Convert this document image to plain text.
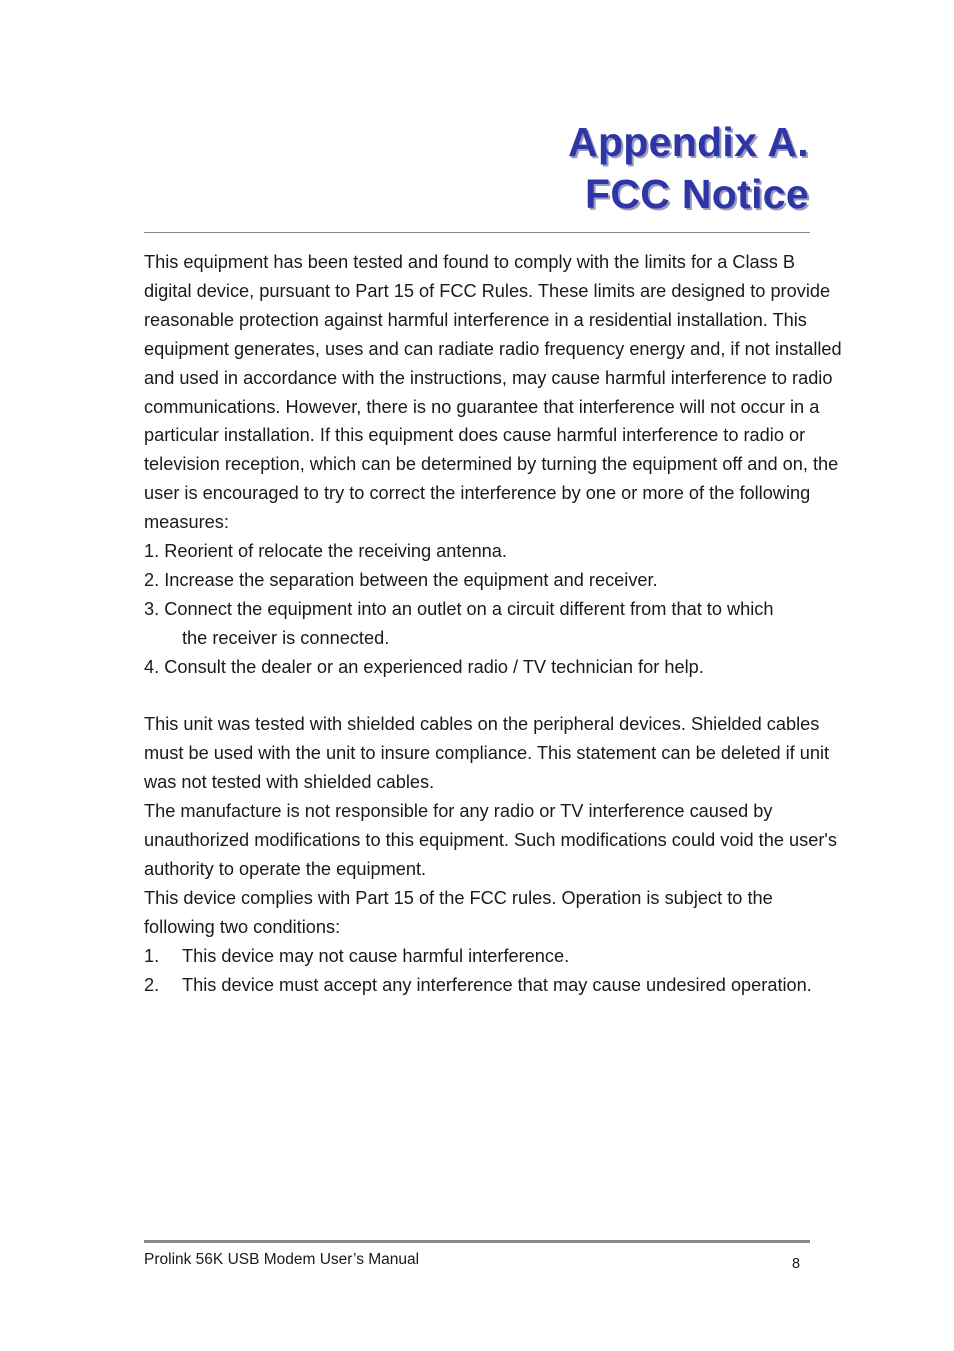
Appendix A.
FCC Notice

This equipment has been tested and found to comply with the limits for a Class B digital device, pursuant to Part 15 of FCC Rules. These limits are designed to provide reasonable protection against harmful interference in a residential installation. This equipment generates, uses and can radiate radio frequency energy and, if not installed and used in accordance with the instructions, may cause harmful interference to radio communications. However, there is no guarantee that interference will not occur in a particular installation. If this equipment does cause harmful interference to radio or television reception, which can be determined by turning the equipment off and on, the user is encouraged to try to correct the interference by one or more of the following measures:

1. Reorient of relocate the receiving antenna.

2. Increase the separation between the equipment and receiver.

3. Connect the equipment into an outlet on a circuit different from that to which

the receiver is connected.

4. Consult the dealer or an experienced radio / TV technician for help.

This unit was tested with shielded cables on the peripheral devices. Shielded cables must be used with the unit to insure compliance. This statement can be deleted if unit was not tested with shielded cables.

The manufacture is not responsible for any radio or TV interference caused by unauthorized modifications to this equipment. Such modifications could void the user's authority to operate the equipment.

This device complies with Part 15 of the FCC rules. Operation is subject to the following two conditions:

1. This device may not cause harmful interference.

2. This device must accept any interference that may cause undesired operation.

Prolink 56K USB Modem User’s Manual	8
